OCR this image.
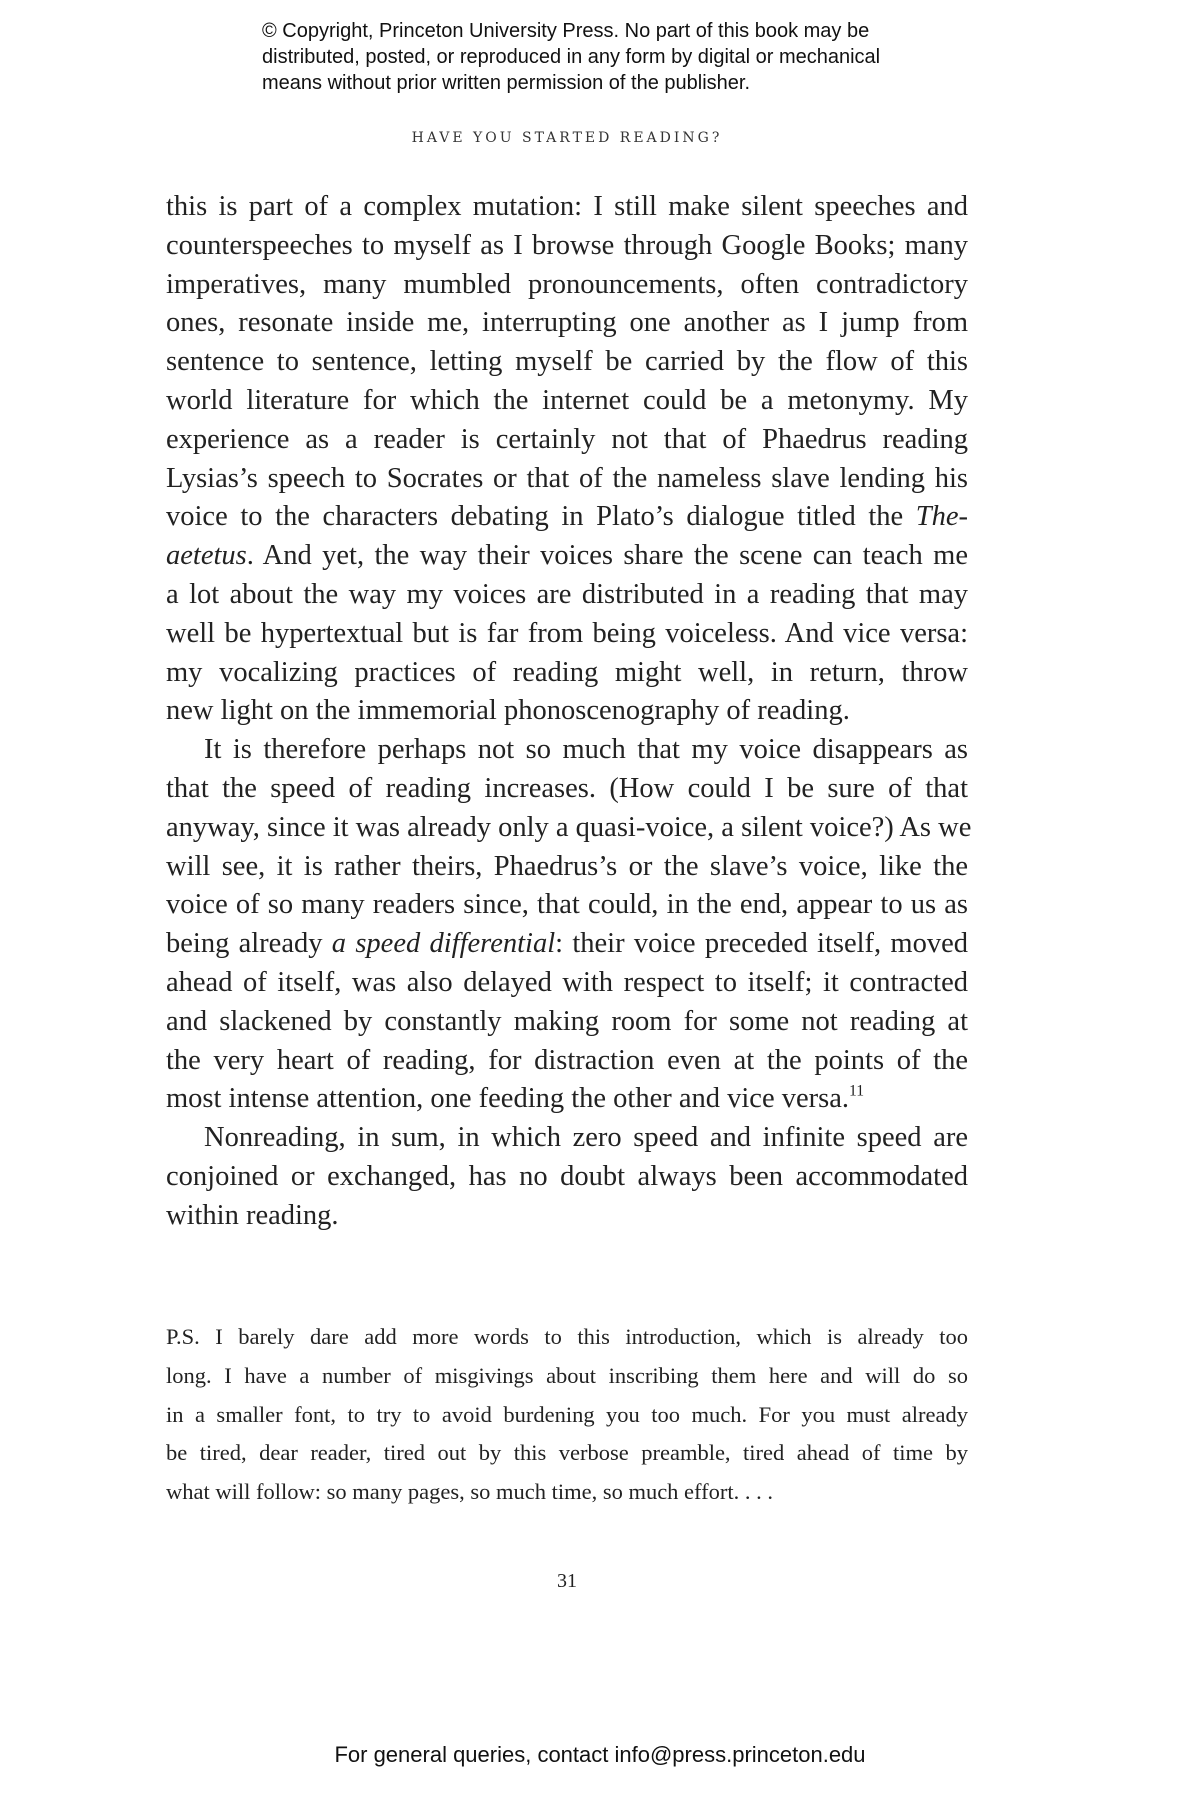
© Copyright, Princeton University Press. No part of this book may be
distributed, posted, or reproduced in any form by digital or mechanical
means without prior written permission of the publisher.
HAVE YOU STARTED READING?
this is part of a complex mutation: I still make silent speeches and
counterspeeches to myself as I browse through Google Books; many
imperatives, many mumbled pronouncements, often contradictory
ones, resonate inside me, interrupting one another as I jump from
sentence to sentence, letting myself be carried by the flow of this
world literature for which the internet could be a metonymy. My
experience as a reader is certainly not that of Phaedrus reading
Lysias’s speech to Socrates or that of the nameless slave lending his
voice to the characters debating in Plato’s dialogue titled the The-
aetetus. And yet, the way their voices share the scene can teach me
a lot about the way my voices are distributed in a reading that may
well be hypertextual but is far from being voiceless. And vice versa:
my vocalizing practices of reading might well, in return, throw
new light on the immemorial phonoscenography of reading.
It is therefore perhaps not so much that my voice disappears as
that the speed of reading increases. (How could I be sure of that
anyway, since it was already only a quasi-voice, a silent voice?) As we
will see, it is rather theirs, Phaedrus’s or the slave’s voice, like the
voice of so many readers since, that could, in the end, appear to us as
being already a speed differential: their voice preceded itself, moved
ahead of itself, was also delayed with respect to itself; it contracted
and slackened by constantly making room for some not reading at
the very heart of reading, for distraction even at the points of the
most intense attention, one feeding the other and vice versa.$^{11}$
Nonreading, in sum, in which zero speed and infinite speed are
conjoined or exchanged, has no doubt always been accommodated
within reading.
P.S. I barely dare add more words to this introduction, which is already too
long. I have a number of misgivings about inscribing them here and will do so
in a smaller font, to try to avoid burdening you too much. For you must already
be tired, dear reader, tired out by this verbose preamble, tired ahead of time by
what will follow: so many pages, so much time, so much effort. . . .
31
For general queries, contact info@press.princeton.edu
